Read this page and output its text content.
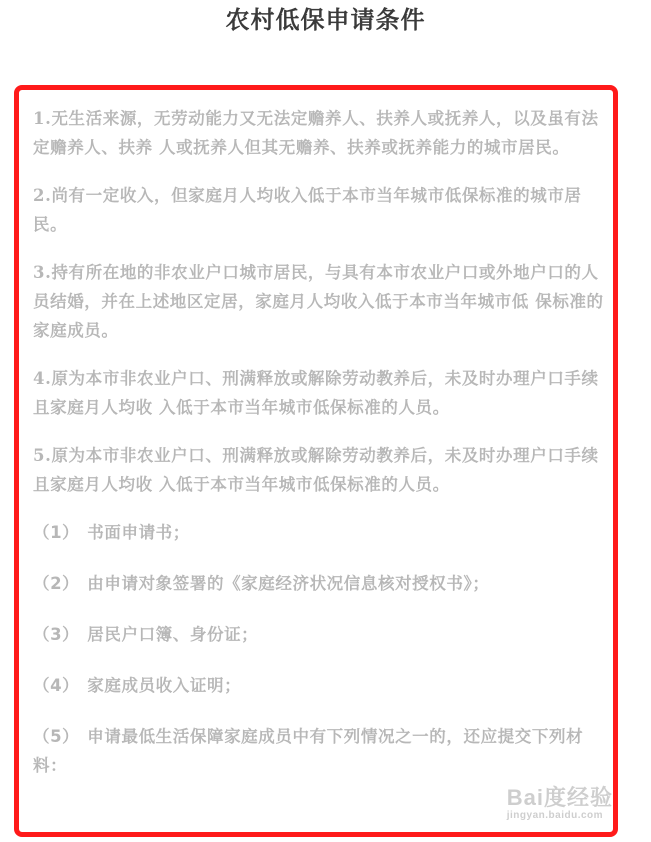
农村低保申请条件

1.无生活来源，无劳动能力又无法定赡养人、扶养人或抚养人，以及虽有法定赡养人、扶养 人或抚养人但其无赡养、扶养或抚养能力的城市居民。

2.尚有一定收入，但家庭月人均收入低于本市当年城市低保标准的城市居民。

3.持有所在地的非农业户口城市居民，与具有本市农业户口或外地户口的人员结婚，并在上述地区定居，家庭月人均收入低于本市当年城市低 保标准的家庭成员。

4.原为本市非农业户口、刑满释放或解除劳动教养后，未及时办理户口手续且家庭月人均收 入低于本市当年城市低保标准的人员。

5.原为本市非农业户口、刑满释放或解除劳动教养后，未及时办理户口手续且家庭月人均收 入低于本市当年城市低保标准的人员。

（1） 书面申请书；

（2） 由申请对象签署的《家庭经济状况信息核对授权书》；

（3） 居民户口簿、身份证；

（4） 家庭成员收入证明；

（5） 申请最低生活保障家庭成员中有下列情况之一的，还应提交下列材料：

Bai度经验
jingyan.baidu.com
